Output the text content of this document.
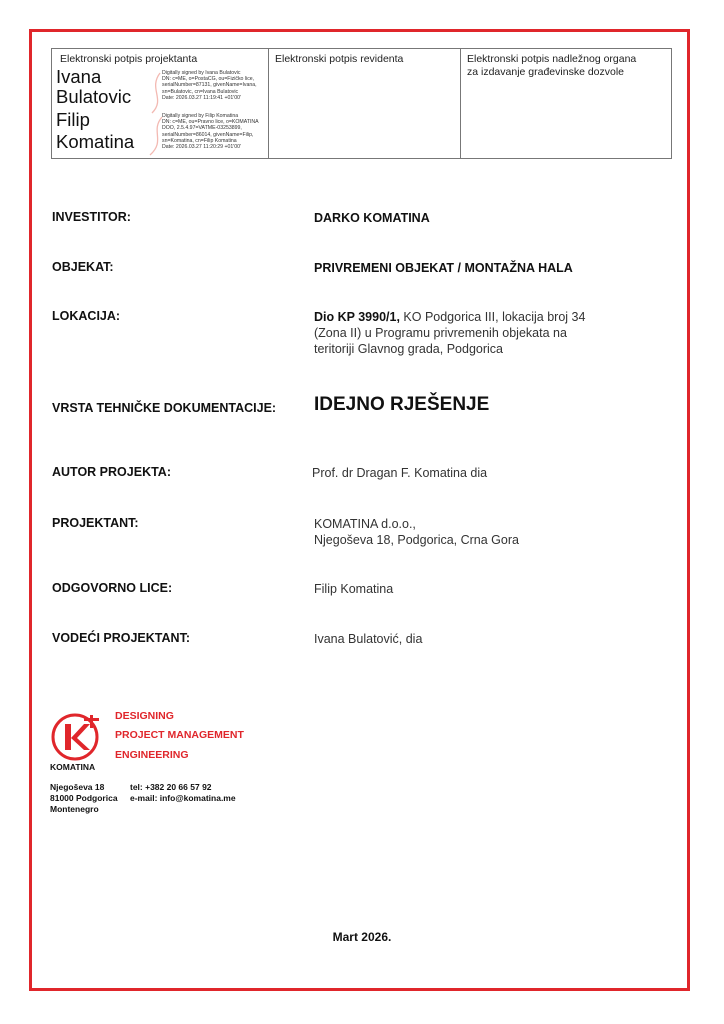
Elektronski potpis projektanta
Ivana
Bulatovic
Filip
Komatina
Digitally signed by Ivana Bulatovic
DN: c=ME, o=PostaCG, ou=Fizičko lice,
serialNumber=87131, givenName=Ivana,
sn=Bulatovic, cn=Ivana Bulatovic
Date: 2026.03.27 11:19:41 +01'00'
Digitally signed by Filip Komatina
DN: c=ME, ou=Pravno lice, o=KOMATINA
DOO, 2.5.4.97=VATME-03253899,
serialNumber=86014, givenName=Filip,
sn=Komatina, cn=Filip Komatina
Date: 2026.03.27 11:20:29 +01'00'
Elektronski potpis revidenta	Elektronski potpis nadležnog organa
za izdavanje građevinske dozvole
INVESTITOR:	DARKO KOMATINA
OBJEKAT:	PRIVREMENI OBJEKAT / MONTAŽNA HALA
LOKACIJA:	Dio KP 3990/1, KO Podgorica III, lokacija broj 34
(Zona II) u Programu privremenih objekata na
teritoriji Glavnog grada, Podgorica
VRSTA TEHNIČKE DOKUMENTACIJE: IDEJNO RJEŠENJE
AUTOR PROJEKTA:	Prof. dr Dragan F. Komatina dia
PROJEKTANT:	KOMATINA d.o.o.,
Njegoševa 18, Podgorica, Crna Gora
ODGOVORNO LICE:	Filip Komatina
VODEĆI PROJEKTANT:	Ivana Bulatović, dia
KOMATINA
DESIGNING
PROJECT MANAGEMENT
ENGINEERING
Njegoševa 18
81000 Podgorica
Montenegro
tel: +382 20 66 57 92
e-mail: info@komatina.me
Mart 2026.
